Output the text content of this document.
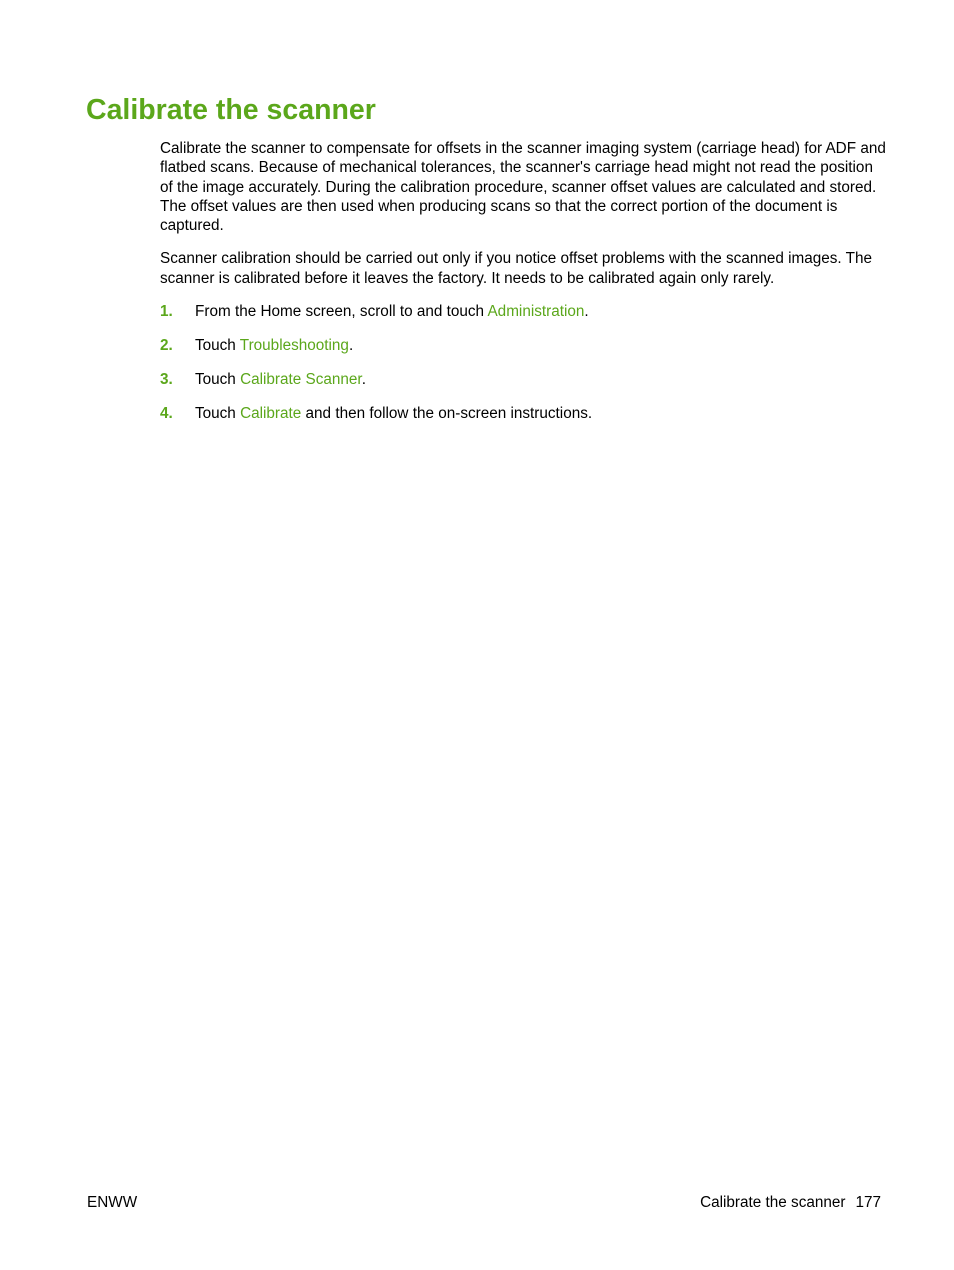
Calibrate the scanner

Calibrate the scanner to compensate for offsets in the scanner imaging system (carriage head) for ADF and flatbed scans. Because of mechanical tolerances, the scanner's carriage head might not read the position of the image accurately. During the calibration procedure, scanner offset values are calculated and stored. The offset values are then used when producing scans so that the correct portion of the document is captured.

Scanner calibration should be carried out only if you notice offset problems with the scanned images. The scanner is calibrated before it leaves the factory. It needs to be calibrated again only rarely.

1. From the Home screen, scroll to and touch Administration.
2. Touch Troubleshooting.
3. Touch Calibrate Scanner.
4. Touch Calibrate and then follow the on-screen instructions.
ENWW	Calibrate the scanner 177
